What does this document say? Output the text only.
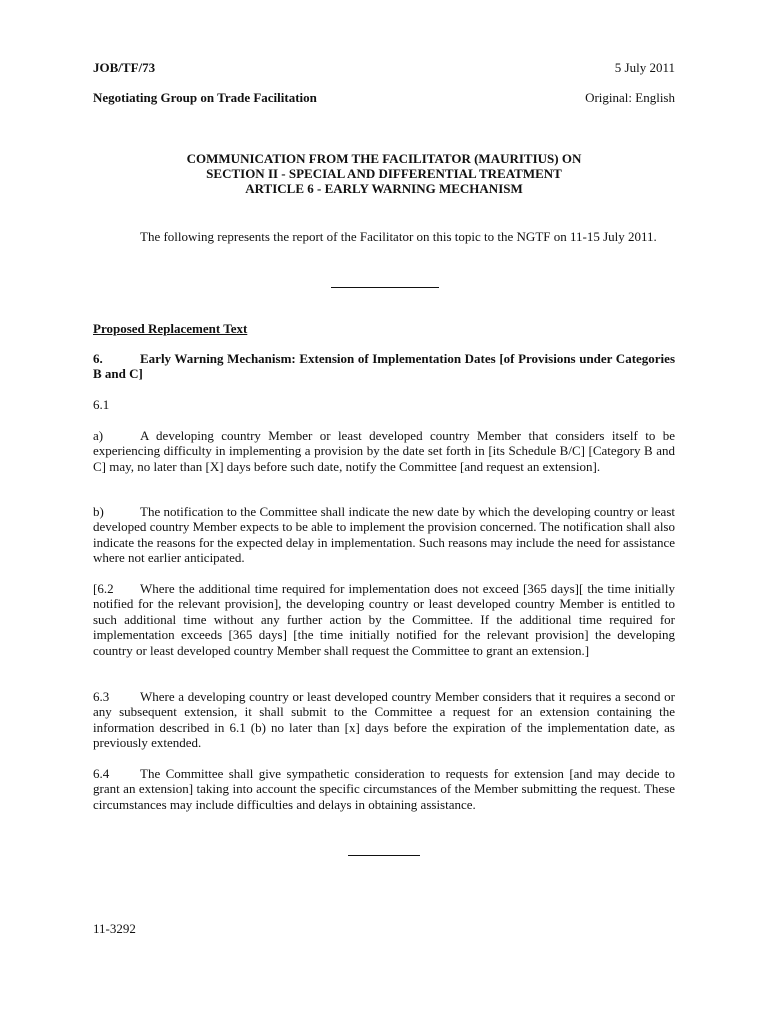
JOB/TF/73	5 July 2011
Negotiating Group on Trade Facilitation	Original: English
COMMUNICATION FROM THE FACILITATOR (MAURITIUS) ON
SECTION II - SPECIAL AND DIFFERENTIAL TREATMENT
ARTICLE 6 - EARLY WARNING MECHANISM
The following represents the report of the Facilitator on this topic to the NGTF on 11-15 July 2011.
Proposed Replacement Text
6.	Early Warning Mechanism: Extension of Implementation Dates [of Provisions under Categories B and C]
6.1
a)	A developing country Member or least developed country Member that considers itself to be experiencing difficulty in implementing a provision by the date set forth in [its Schedule B/C] [Category B and C] may, no later than [X] days before such date, notify the Committee [and request an extension].
b)	The notification to the Committee shall indicate the new date by which the developing country or least developed country Member expects to be able to implement the provision concerned. The notification shall also indicate the reasons for the expected delay in implementation. Such reasons may include the need for assistance where not earlier anticipated.
[6.2 Where the additional time required for implementation does not exceed [365 days][ the time initially notified for the relevant provision], the developing country or least developed country Member is entitled to such additional time without any further action by the Committee. If the additional time required for implementation exceeds [365 days] [the time initially notified for the relevant provision] the developing country or least developed country Member shall request the Committee to grant an extension.]
6.3 Where a developing country or least developed country Member considers that it requires a second or any subsequent extension, it shall submit to the Committee a request for an extension containing the information described in 6.1 (b) no later than [x] days before the expiration of the implementation date, as previously extended.
6.4 The Committee shall give sympathetic consideration to requests for extension [and may decide to grant an extension] taking into account the specific circumstances of the Member submitting the request. These circumstances may include difficulties and delays in obtaining assistance.
11-3292
